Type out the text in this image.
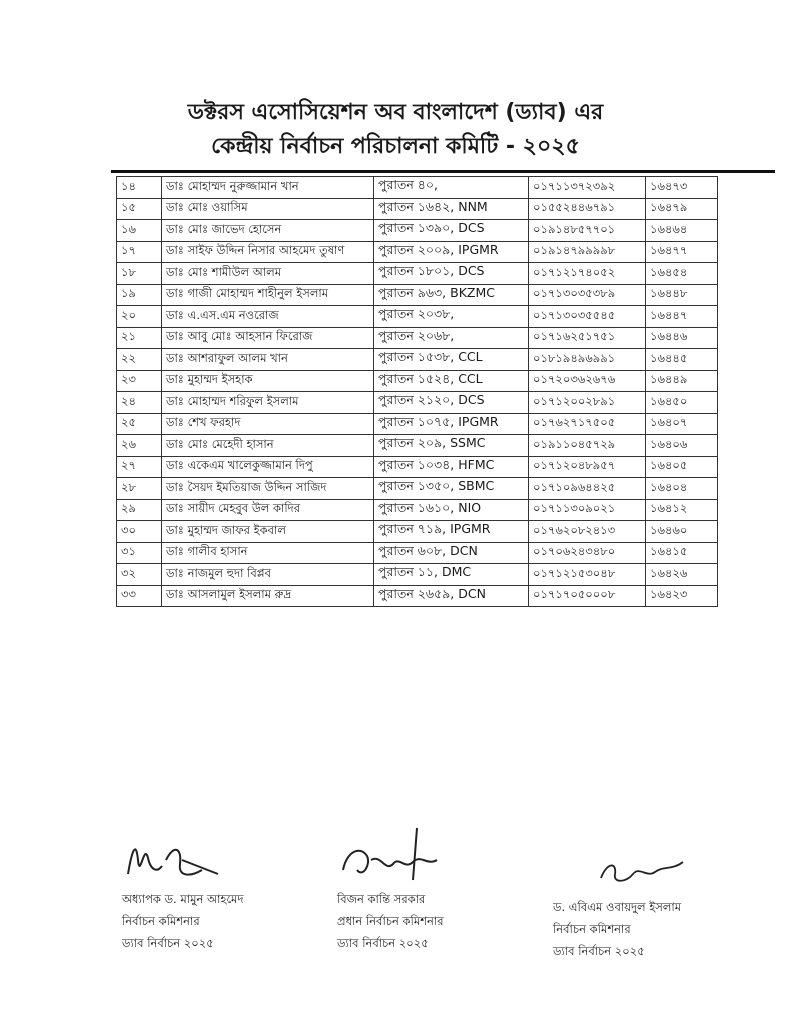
ডক্টরস এসোসিয়েশন অব বাংলাদেশ (ড্যাব) এর
কেন্দ্রীয় নির্বাচন পরিচালনা কমিটি - ২০২৫
১৪	ডাঃ মোহাম্মদ নুরুজ্জামান খান	পুরাতন ৪০,	০১৭১১৩৭২৩৯২	১৬৪৭৩
১৫	ডাঃ মোঃ ওয়াসিম	পুরাতন ১৬৪২, NNM	০১৫৫২৪৪৬৭৯১	১৬৪৭৯
১৬	ডাঃ মোঃ জাভেদ হোসেন	পুরাতন ১৩৯০, DCS	০১৯১৪৮৫৭৭০১	১৬৪৬৪
১৭	ডাঃ সাইফ উদ্দিন নিসার আহমেদ তুষাণ	পুরাতন ২০০৯, IPGMR	০১৯১৪৭৯৯৯৯৮	১৬৪৭৭
১৮	ডাঃ মোঃ শামীউল আলম	পুরাতন ১৮০১, DCS	০১৭১২১৭৪০৫২	১৬৪৫৪
১৯	ডাঃ গাজী মোহাম্মদ শাহীনুল ইসলাম	পুরাতন ৯৬৩, BKZMC	০১৭১৩০৩৫৩৮৯	১৬৪৪৮
২০	ডাঃ এ.এস.এম নওরোজ	পুরাতন ২০৩৮,	০১৭১৩০৩৫৫৪৫	১৬৪৪৭
২১	ডাঃ আবু মোঃ আহসান ফিরোজ	পুরাতন ২০৬৮,	০১৭১৬২৫১৭৫১	১৬৪৪৬
২২	ডাঃ আশরাফুল আলম খান	পুরাতন ১৫৩৮, CCL	০১৮১৯৪৯৬৯৯১	১৬৪৪৫
২৩	ডাঃ মুহাম্মদ ইসহাক	পুরাতন ১৫২৪, CCL	০১৭২০৩৬২৬৭৬	১৬৪৪৯
২৪	ডাঃ মোহাম্মদ শরিফুল ইসলাম	পুরাতন ২১২০, DCS	০১৭১২০০২৮৯১	১৬৪৫০
২৫	ডাঃ শেখ ফরহাদ	পুরাতন ১০৭৫, IPGMR	০১৭৬২৭১৭৫০৫	১৬৪০৭
২৬	ডাঃ মোঃ মেহেদী হাসান	পুরাতন ২০৯, SSMC	০১৯১১০৪৫৭২৯	১৬৪০৬
২৭	ডাঃ একেএম খালেকুজ্জামান দিপু	পুরাতন ১০৩৪, HFMC	০১৭১২০৪৮৯৫৭	১৬৪০৫
২৮	ডাঃ সৈয়দ ইমতিয়াজ উদ্দিন সাজিদ	পুরাতন ১৩৫০, SBMC	০১৭১০৯৬৪৪২৫	১৬৪০৪
২৯	ডাঃ সায়ীদ মেহবুব উল কাদির	পুরাতন ১৬১০, NIO	০১৭১১৩০৯০২১	১৬৪১২
৩০	ডাঃ মুহাম্মদ জাফর ইকবাল	পুরাতন ৭১৯, IPGMR	০১৭৬২০৮২৪১৩	১৬৪৬০
৩১	ডাঃ গালীব হাসান	পুরাতন ৬০৮, DCN	০১৭০৬২৪৩৪৮০	১৬৪১৫
৩২	ডাঃ নাজমুল হুদা বিপ্লব	পুরাতন ১১, DMC	০১৭১২১৫৩০৪৮	১৬৪২৬
৩৩	ডাঃ আসলামুল ইসলাম রুদ্র	পুরাতন ২৬৫৯, DCN	০১৭১৭০৫০০০৮	১৬৪২৩
অধ্যাপক ড. মামুন আহমেদ
নির্বাচন কমিশনার
ড্যাব নির্বাচন ২০২৫
বিজন কান্তি সরকার
প্রধান নির্বাচন কমিশনার
ড্যাব নির্বাচন ২০২৫
ড. এবিএম ওবায়দুল ইসলাম
নির্বাচন কমিশনার
ড্যাব নির্বাচন ২০২৫
